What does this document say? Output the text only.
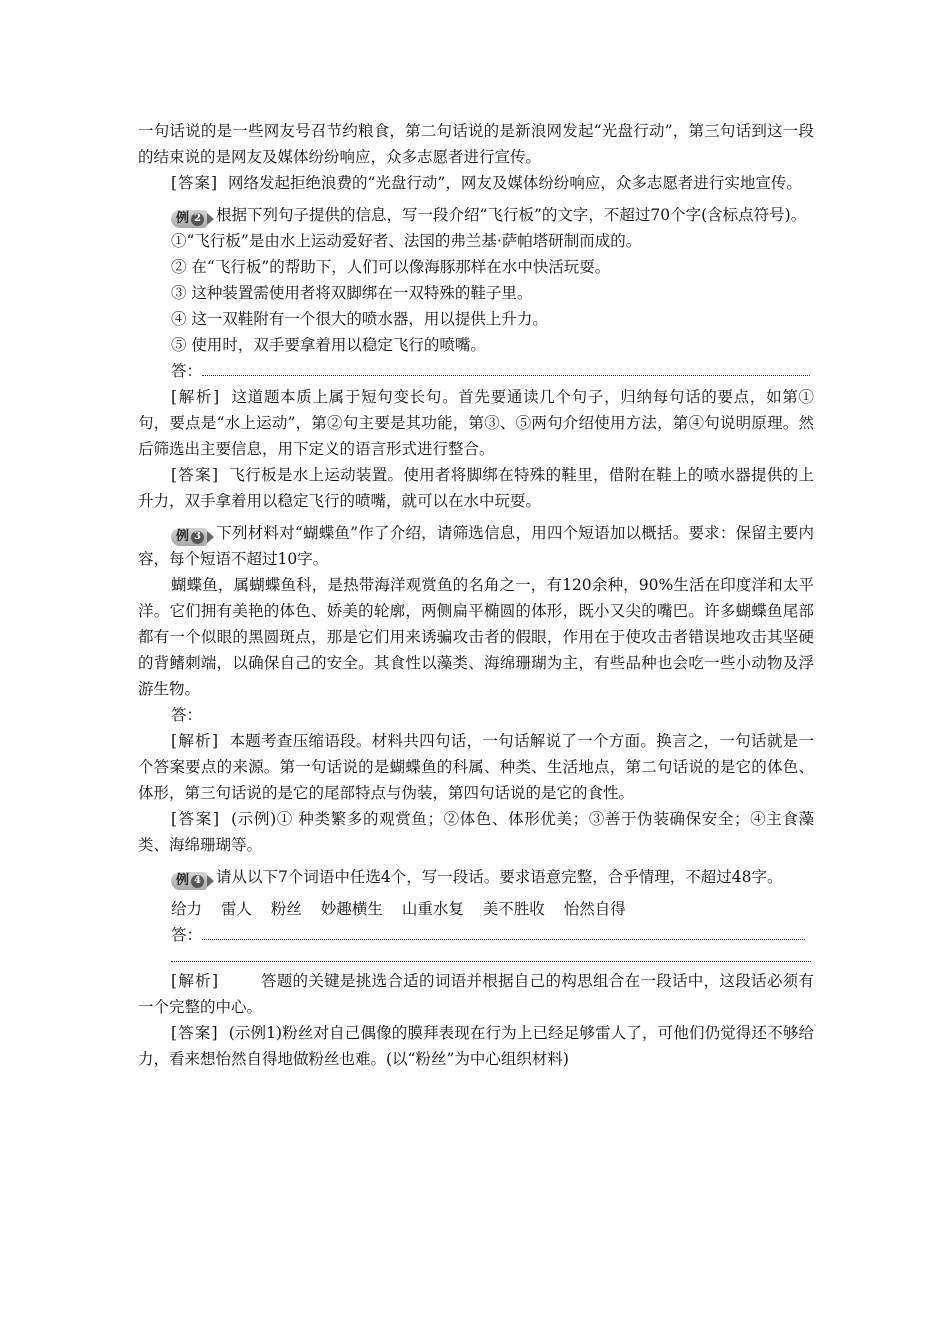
一句话说的是一些网友号召节约粮食，第二句话说的是新浪网发起“光盘行动”，第三句话到这一段的结束说的是网友及媒体纷纷响应，众多志愿者进行宣传。

[答案] 网络发起拒绝浪费的“光盘行动”，网友及媒体纷纷响应，众多志愿者进行实地宣传。

例 2 根据下列句子提供的信息，写一段介绍“飞行板”的文字，不超过70个字(含标点符号)。

①“飞行板”是由水上运动爱好者、法国的弗兰基·萨帕塔研制而成的。

② 在“飞行板”的帮助下，人们可以像海豚那样在水中快活玩耍。

③ 这种装置需使用者将双脚绑在一双特殊的鞋子里。

④ 这一双鞋附有一个很大的喷水器，用以提供上升力。

⑤ 使用时，双手要拿着用以稳定飞行的喷嘴。

答：

[解析] 这道题本质上属于短句变长句。首先要通读几个句子，归纳每句话的要点，如第①句，要点是“水上运动”，第②句主要是其功能，第③、⑤两句介绍使用方法，第④句说明原理。然后筛选出主要信息，用下定义的语言形式进行整合。

[答案] 飞行板是水上运动装置。使用者将脚绑在特殊的鞋里，借附在鞋上的喷水器提供的上升力，双手拿着用以稳定飞行的喷嘴，就可以在水中玩耍。

例 3 下列材料对“蝴蝶鱼”作了介绍，请筛选信息，用四个短语加以概括。要求：保留主要内容，每个短语不超过10字。

蝴蝶鱼，属蝴蝶鱼科，是热带海洋观赏鱼的名角之一，有120余种，90%生活在印度洋和太平洋。它们拥有美艳的体色、娇美的轮廓，两侧扁平椭圆的体形，既小又尖的嘴巴。许多蝴蝶鱼尾部都有一个似眼的黑圆斑点，那是它们用来诱骗攻击者的假眼，作用在于使攻击者错误地攻击其坚硬的背鳍刺端，以确保自己的安全。其食性以藻类、海绵珊瑚为主，有些品种也会吃一些小动物及浮游生物。

答：

[解析] 本题考查压缩语段。材料共四句话，一句话解说了一个方面。换言之，一句话就是一个答案要点的来源。第一句话说的是蝴蝶鱼的科属、种类、生活地点，第二句话说的是它的体色、体形，第三句话说的是它的尾部特点与伪装，第四句话说的是它的食性。

[答案] (示例)① 种类繁多的观赏鱼；②体色、体形优美；③善于伪装确保安全；④主食藻类、海绵珊瑚等。

例 4 请从以下7个词语中任选4个，写一段话。要求语意完整，合乎情理，不超过48字。

给力 雷人 粉丝 妙趣横生 山重水复 美不胜收 怡然自得

答：

[解析]	答题的关键是挑选合适的词语并根据自己的构思组合在一段话中，这段话必须有一个完整的中心。

[答案] (示例1)粉丝对自己偶像的膜拜表现在行为上已经足够雷人了，可他们仍觉得还不够给力，看来想怡然自得地做粉丝也难。(以“粉丝”为中心组织材料)
